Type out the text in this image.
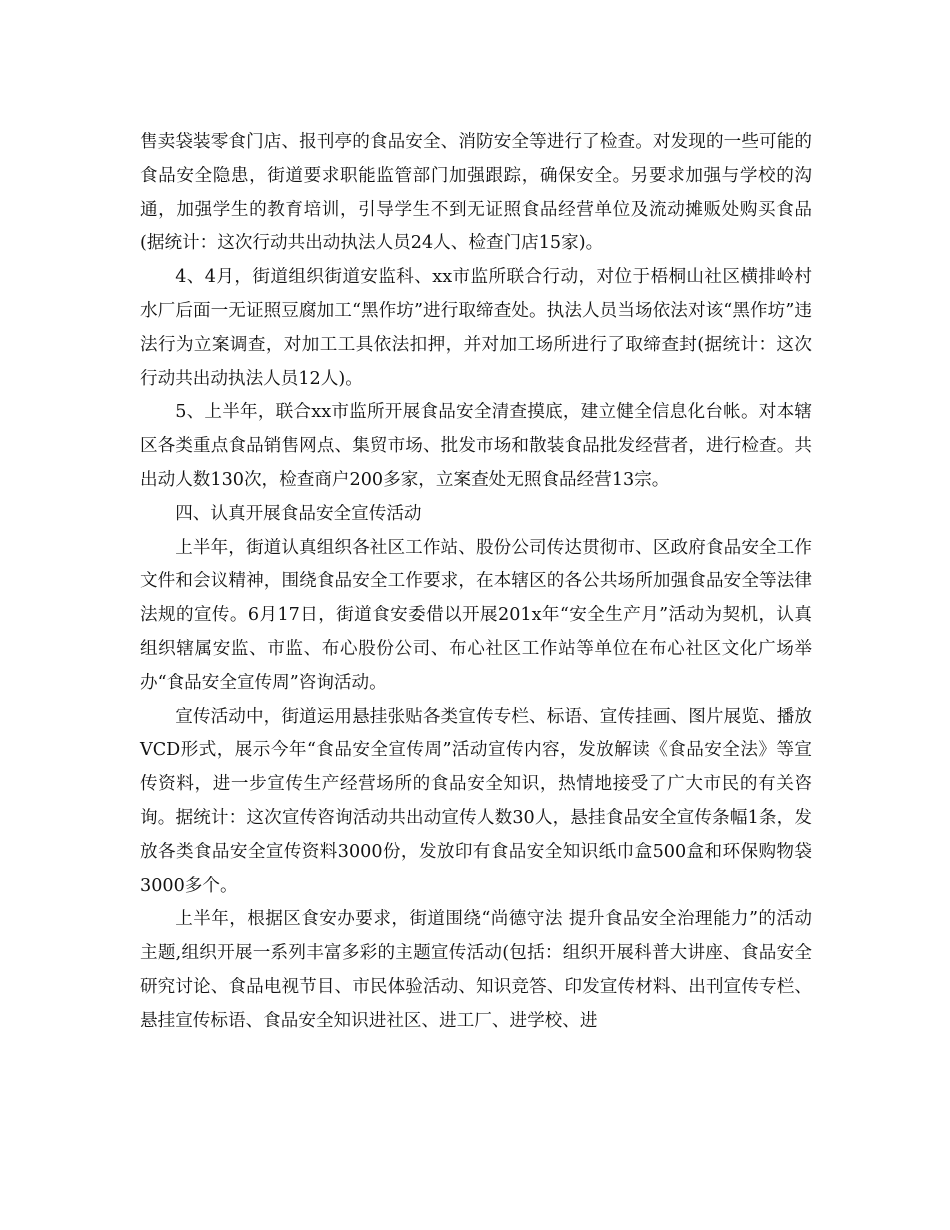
售卖袋装零食门店、报刊亭的食品安全、消防安全等进行了检查。对发现的一些可能的食品安全隐患，街道要求职能监管部门加强跟踪，确保安全。另要求加强与学校的沟通，加强学生的教育培训，引导学生不到无证照食品经营单位及流动摊贩处购买食品(据统计：这次行动共出动执法人员24人、检查门店15家)。

4、4月，街道组织街道安监科、xx市监所联合行动，对位于梧桐山社区横排岭村水厂后面一无证照豆腐加工“黑作坊”进行取缔查处。执法人员当场依法对该“黑作坊”违法行为立案调查，对加工工具依法扣押，并对加工场所进行了取缔查封(据统计：这次行动共出动执法人员12人)。

5、上半年，联合xx市监所开展食品安全清查摸底，建立健全信息化台帐。对本辖区各类重点食品销售网点、集贸市场、批发市场和散装食品批发经营者，进行检查。共出动人数130次，检查商户200多家，立案查处无照食品经营13宗。

四、认真开展食品安全宣传活动

上半年，街道认真组织各社区工作站、股份公司传达贯彻市、区政府食品安全工作文件和会议精神，围绕食品安全工作要求，在本辖区的各公共场所加强食品安全等法律法规的宣传。6月17日，街道食安委借以开展201x年“安全生产月”活动为契机，认真组织辖属安监、市监、布心股份公司、布心社区工作站等单位在布心社区文化广场举办“食品安全宣传周”咨询活动。

宣传活动中，街道运用悬挂张贴各类宣传专栏、标语、宣传挂画、图片展览、播放VCD形式，展示今年“食品安全宣传周”活动宣传内容，发放解读《食品安全法》等宣传资料，进一步宣传生产经营场所的食品安全知识，热情地接受了广大市民的有关咨询。据统计：这次宣传咨询活动共出动宣传人数30人，悬挂食品安全宣传条幅1条，发放各类食品安全宣传资料3000份，发放印有食品安全知识纸巾盒500盒和环保购物袋3000多个。

上半年，根据区食安办要求，街道围绕“尚德守法 提升食品安全治理能力”的活动主题,组织开展一系列丰富多彩的主题宣传活动(包括：组织开展科普大讲座、食品安全研究讨论、食品电视节目、市民体验活动、知识竞答、印发宣传材料、出刊宣传专栏、悬挂宣传标语、食品安全知识进社区、进工厂、进学校、进
